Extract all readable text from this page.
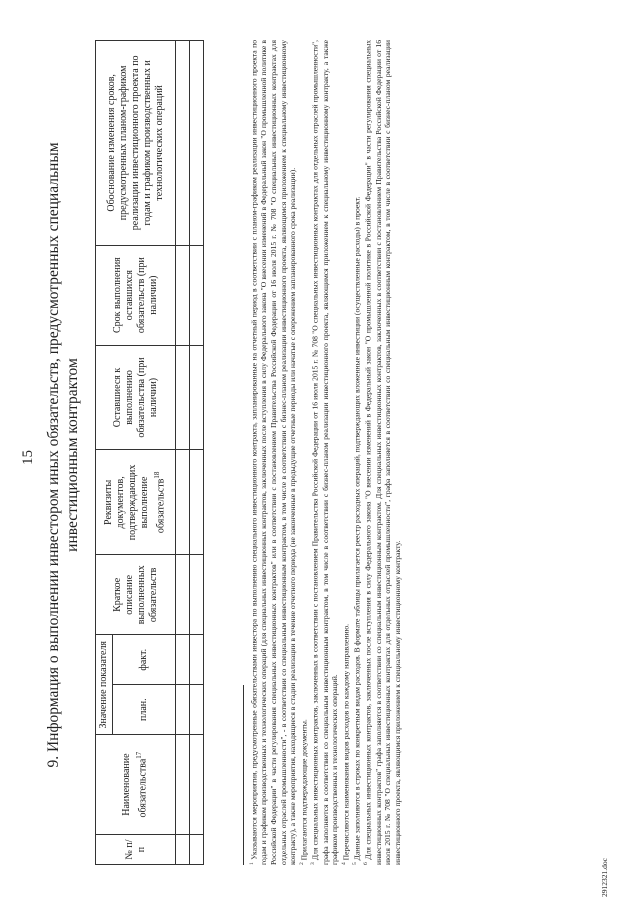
15 9. Информация о выполнении инвестором иных обязательств, предусмотренных специальным инвестиционным контрактом
№ п/п	Наименование обязательства$^{17}$	Значение показателя		Краткое описание выполненных обязательств	Реквизиты документов, подтверждающих выполнение обязательств$^{18}$	Оставшиеся к выполнению обязательства (при наличии)	Срок выполнения оставшихся обязательств (при наличии)	Обоснование изменения сроков, предусмотренных планом-графиком реализации инвестиционного проекта по годам и графиком производственных и технологических операций
		план.	факт.					

$^1$ Указываются мероприятия, предусмотренные обязательствами инвестора по выполнению специального инвестиционного контракта, запланированные на отчетный период в соответствии с планом-графиком реализации инвестиционного проекта по годам и графиком производственных и технологических операций (для специальных инвестиционных контрактов, заключенных после вступления в силу Федерального закона "О внесении изменений в Федеральный закон "О промышленной политике в Российской Федерации" в части регулирования специальных инвестиционных контрактов" или в соответствии с постановлением Правительства Российской Федерации от 16 июля 2015 г. № 708 "О специальных инвестиционных контрактах для отдельных отраслей промышленности", - в соответствии со специальным инвестиционным контрактом, в том числе в соответствии с бизнес-планом реализации инвестиционного проекта, являющимся приложением к специальному инвестиционному контракту), а также мероприятия, находящиеся в стадии реализации в течение отчетного периода (не законченные в предыдущие отчетные периоды или начатые с опережением запланированного срока реализации). $^2$ Прилагаются подтверждающие документы.

$^3$ Для специальных инвестиционных контрактов, заключенных в соответствии с постановлением Правительства Российской Федерации от 16 июля 2015 г. № 708 "О специальных инвестиционных контрактах для отдельных отраслей промышленности", графа заполняется в соответствии со специальным инвестиционным контрактом, в том числе в соответствии с бизнес-планом реализации инвестиционного проекта, являющимся приложением к специальному инвестиционному контракту, а также графиком производственных и технологических операций. $^4$ Перечисляются наименования видов расходов по каждому направлению.

$^5$ Данные заполняются в строках по конкретным видам расходов. В формате таблицы прилагается реестр расходных операций, подтверждающих вложенные инвестиции (осуществленные расходы) в проект.

$^6$ Для специальных инвестиционных контрактов, заключенных после вступления в силу Федерального закона "О внесении изменений в Федеральный закон "О промышленной политике в Российской Федерации" в части регулирования специальных инвестиционных контрактов" графа заполняется в соответствии со специальным инвестиционным контрактом. Для специальных инвестиционных контрактов, заключенных в соответствии с постановлением Правительства Российской Федерации от 16 июля 2015 г. № 708 "О специальных инвестиционных контрактах для отдельных отраслей промышленности", графа заполняется в соответствии со специальным инвестиционным контрактом, в том числе в соответствии с бизнес-планом реализации инвестиционного проекта, являющимся приложением к специальному инвестиционному контракту.

2912321.doc
